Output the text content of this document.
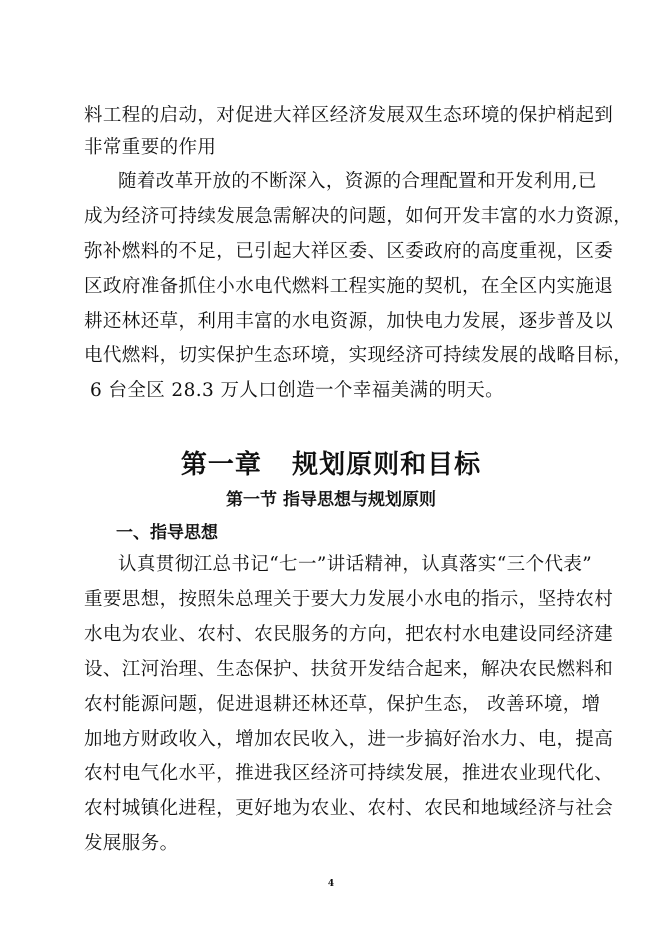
料工程的启动，对促进大祥区经济发展双生态环境的保护梢起到
非常重要的作用
随着改革开放的不断深入，资源的合理配置和开发利用,已
成为经济可持续发展急需解决的问题，如何开发丰富的水力资源，
弥补燃料的不足，已引起大祥区委、区委政府的高度重视，区委
区政府准备抓住小水电代燃料工程实施的契机，在全区内实施退
耕还林还草，利用丰富的水电资源，加快电力发展，逐步普及以
电代燃料，切实保护生态环境，实现经济可持续发展的战略目标，
6 台全区 28.3 万人口创造一个幸福美满的明天。
第一章   规划原则和目标
第一节 指导思想与规划原则
一、指导思想
认真贯彻江总书记“七一”讲话精神，认真落实“三个代表”
重要思想，按照朱总理关于要大力发展小水电的指示，坚持农村
水电为农业、农村、农民服务的方向，把农村水电建设同经济建
设、江河治理、生态保护、扶贫开发结合起来，解决农民燃料和
农村能源问题，促进退耕还林还草，保护生态， 改善环境，增
加地方财政收入，增加农民收入，进一步搞好治水力、电，提高
农村电气化水平，推进我区经济可持续发展，推进农业现代化、
农村城镇化进程，更好地为农业、农村、农民和地域经济与社会
发展服务。
4
